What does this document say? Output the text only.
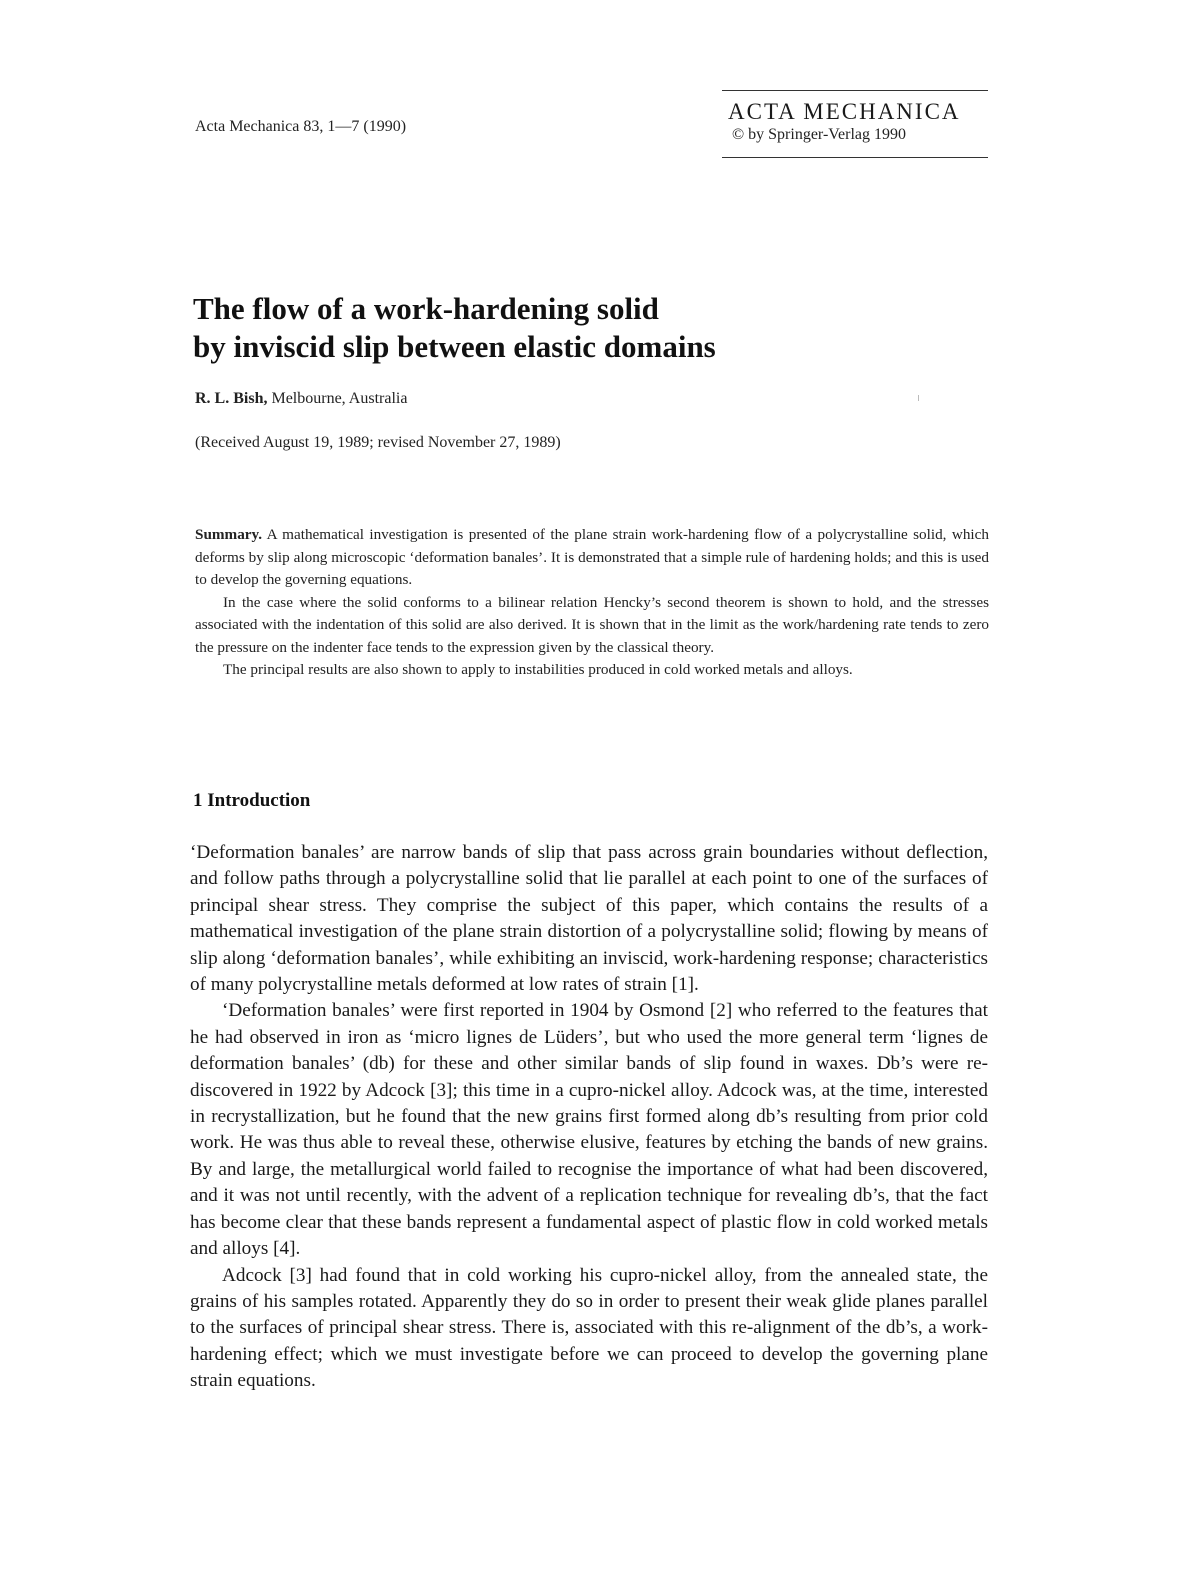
Acta Mechanica 83, 1—7 (1990)
ACTA MECHANICA
© by Springer-Verlag 1990
The flow of a work-hardening solid
by inviscid slip between elastic domains
R. L. Bish, Melbourne, Australia
(Received August 19, 1989; revised November 27, 1989)

Summary. A mathematical investigation is presented of the plane strain work-hardening flow of a polycrystalline solid, which deforms by slip along microscopic ‘deformation banales’. It is demonstrated that a simple rule of hardening holds; and this is used to develop the governing equations.

In the case where the solid conforms to a bilinear relation Hencky’s second theorem is shown to hold, and the stresses associated with the indentation of this solid are also derived. It is shown that in the limit as the work/hardening rate tends to zero the pressure on the indenter face tends to the expression given by the classical theory.

The principal results are also shown to apply to instabilities produced in cold worked metals and alloys.

1 Introduction

‘Deformation banales’ are narrow bands of slip that pass across grain boundaries without deflection, and follow paths through a polycrystalline solid that lie parallel at each point to one of the surfaces of principal shear stress. They comprise the subject of this paper, which contains the results of a mathematical investigation of the plane strain distortion of a polycrystalline solid; flowing by means of slip along ‘deformation banales’, while exhibiting an inviscid, work-hardening response; characteristics of many polycrystalline metals deformed at low rates of strain [1].

‘Deformation banales’ were first reported in 1904 by Osmond [2] who referred to the features that he had observed in iron as ‘micro lignes de Lüders’, but who used the more general term ‘lignes de deformation banales’ (db) for these and other similar bands of slip found in waxes. Db’s were re-discovered in 1922 by Adcock [3]; this time in a cupro-nickel alloy. Adcock was, at the time, interested in recrystallization, but he found that the new grains first formed along db’s resulting from prior cold work. He was thus able to reveal these, otherwise elusive, features by etching the bands of new grains. By and large, the metallurgical world failed to recognise the importance of what had been discovered, and it was not until recently, with the advent of a replication technique for revealing db’s, that the fact has become clear that these bands represent a fundamental aspect of plastic flow in cold worked metals and alloys [4].

Adcock [3] had found that in cold working his cupro-nickel alloy, from the annealed state, the grains of his samples rotated. Apparently they do so in order to present their weak glide planes parallel to the surfaces of principal shear stress. There is, associated with this re-alignment of the db’s, a work-hardening effect; which we must investigate before we can proceed to develop the governing plane strain equations.
